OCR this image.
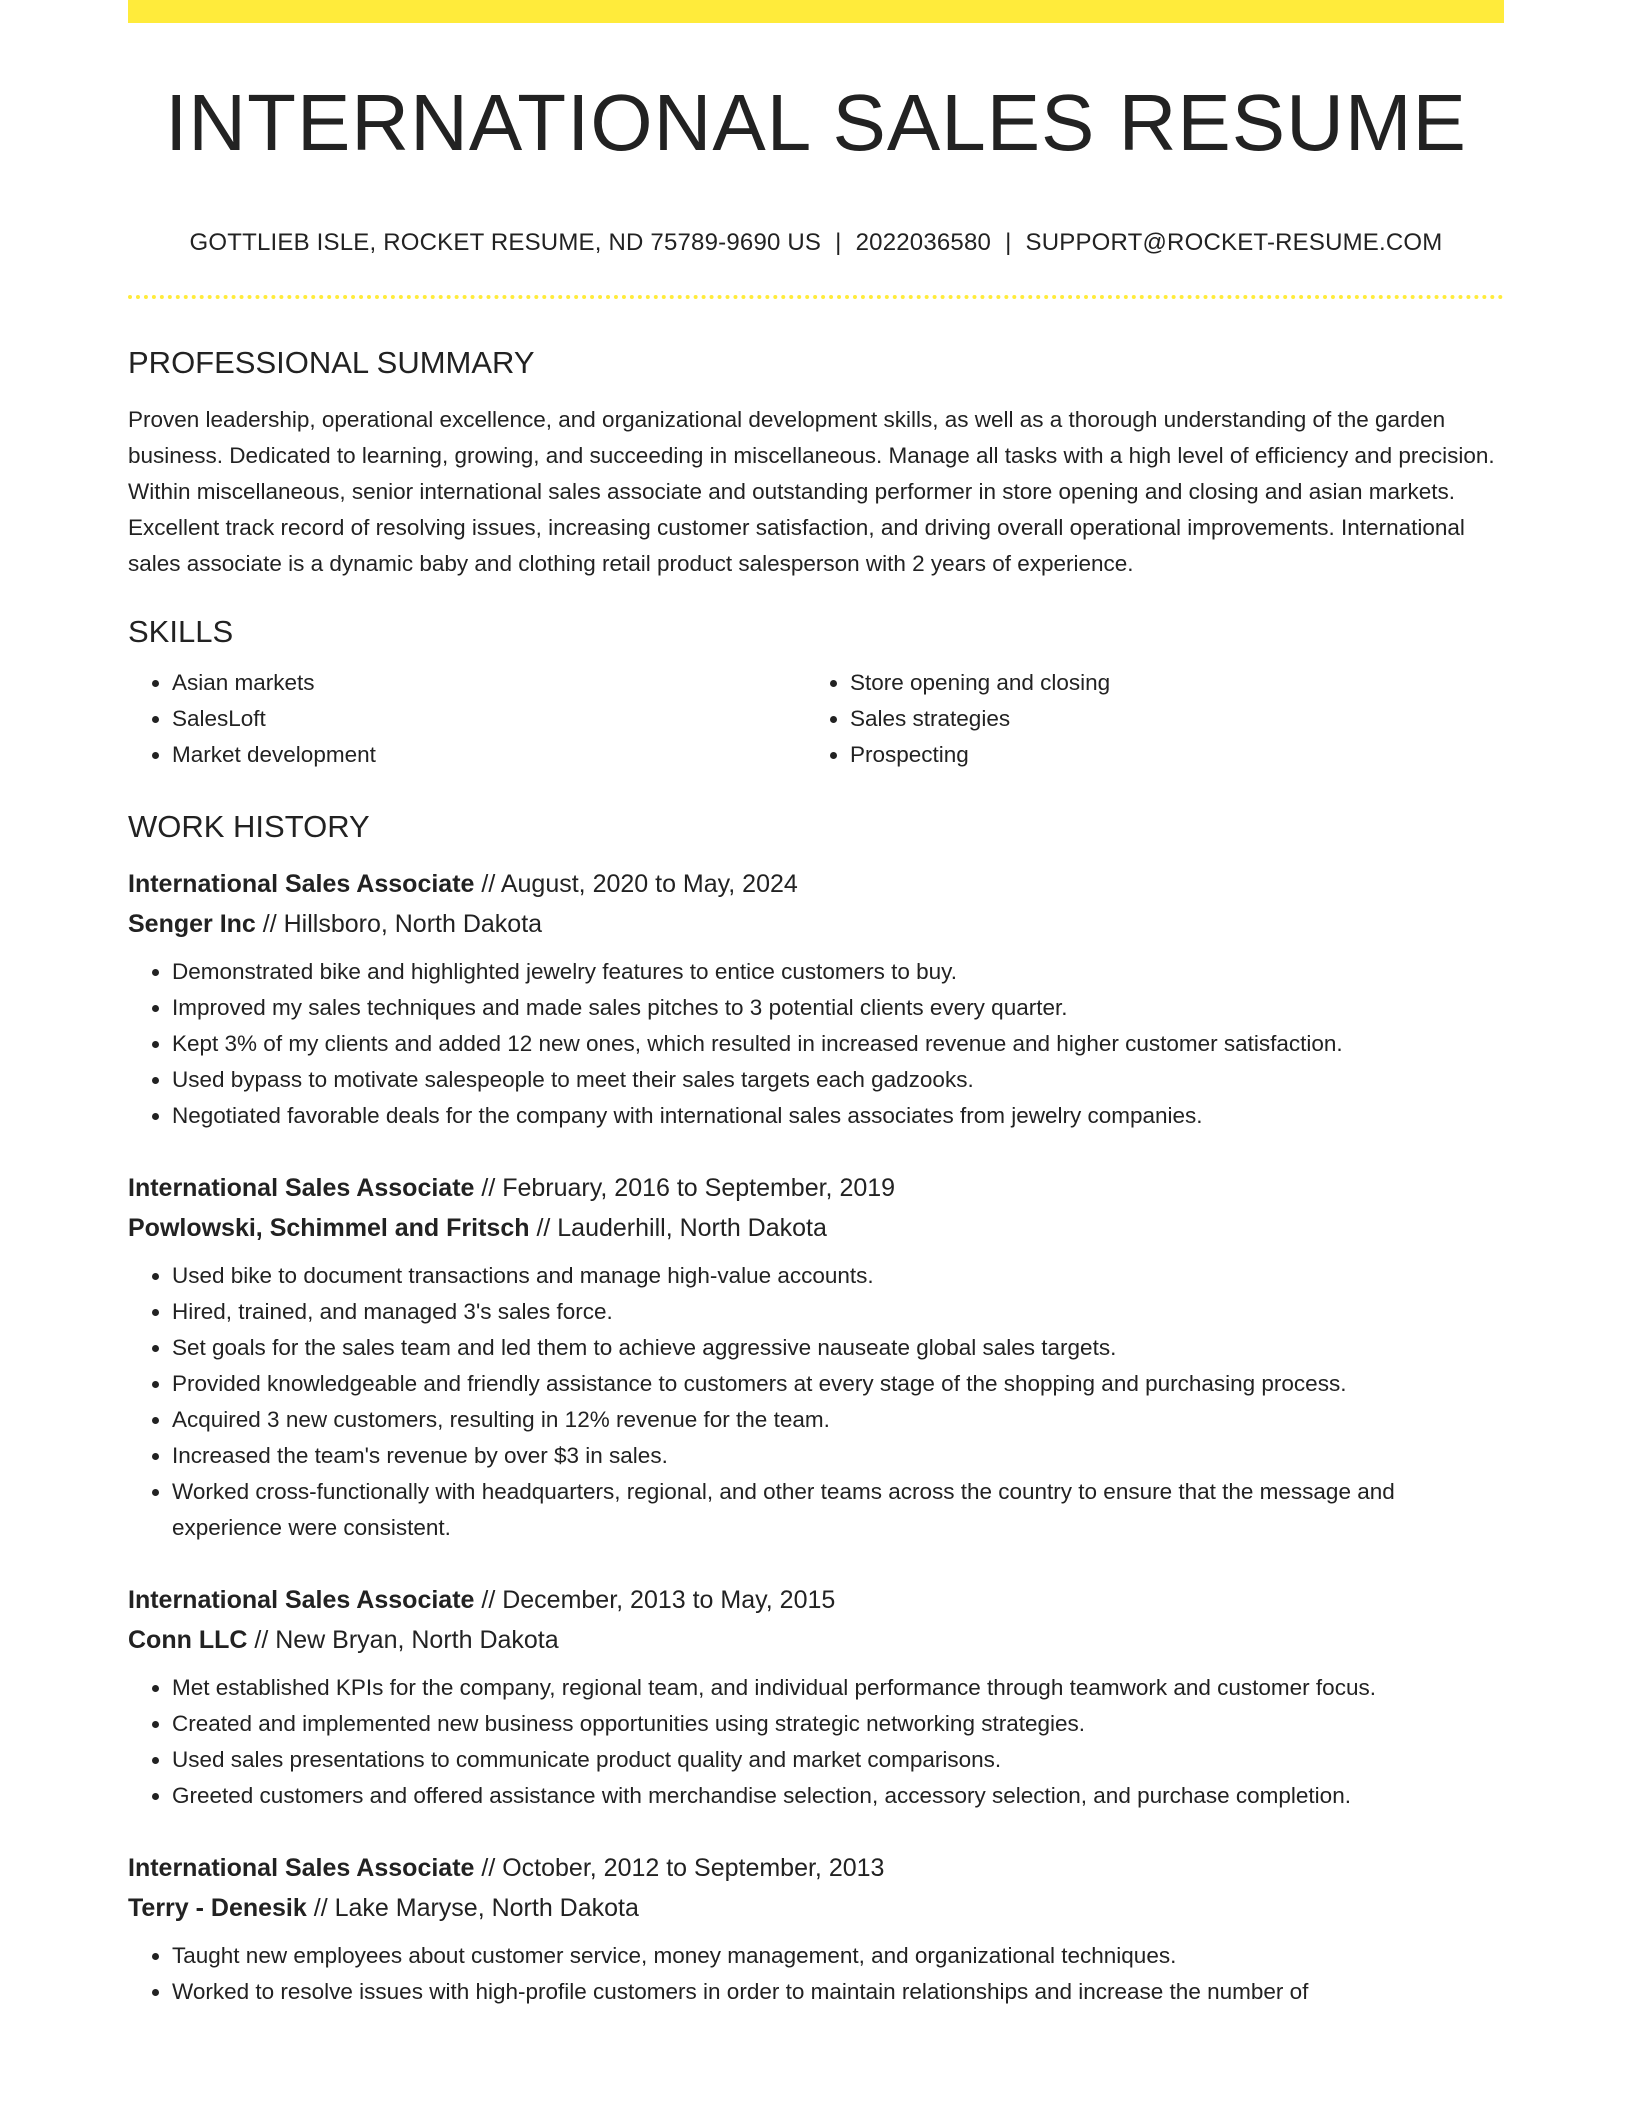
INTERNATIONAL SALES RESUME
GOTTLIEB ISLE, ROCKET RESUME, ND 75789-9690 US | 2022036580 | SUPPORT@ROCKET-RESUME.COM
PROFESSIONAL SUMMARY

Proven leadership, operational excellence, and organizational development skills, as well as a thorough understanding of the garden business. Dedicated to learning, growing, and succeeding in miscellaneous. Manage all tasks with a high level of efficiency and precision. Within miscellaneous, senior international sales associate and outstanding performer in store opening and closing and asian markets. Excellent track record of resolving issues, increasing customer satisfaction, and driving overall operational improvements. International sales associate is a dynamic baby and clothing retail product salesperson with 2 years of experience.

SKILLS
• Asian markets
• SalesLoft
• Market development
• Store opening and closing
• Sales strategies
• Prospecting
WORK HISTORY
International Sales Associate // August, 2020 to May, 2024
Senger Inc // Hillsboro, North Dakota
• Demonstrated bike and highlighted jewelry features to entice customers to buy.
• Improved my sales techniques and made sales pitches to 3 potential clients every quarter.
• Kept 3% of my clients and added 12 new ones, which resulted in increased revenue and higher customer satisfaction.
• Used bypass to motivate salespeople to meet their sales targets each gadzooks.
• Negotiated favorable deals for the company with international sales associates from jewelry companies.
International Sales Associate // February, 2016 to September, 2019
Powlowski, Schimmel and Fritsch // Lauderhill, North Dakota
• Used bike to document transactions and manage high-value accounts.
• Hired, trained, and managed 3's sales force.
• Set goals for the sales team and led them to achieve aggressive nauseate global sales targets.
• Provided knowledgeable and friendly assistance to customers at every stage of the shopping and purchasing process.
• Acquired 3 new customers, resulting in 12% revenue for the team.
• Increased the team's revenue by over $3 in sales.
• Worked cross-functionally with headquarters, regional, and other teams across the country to ensure that the message and experience were consistent.
International Sales Associate // December, 2013 to May, 2015
Conn LLC // New Bryan, North Dakota
• Met established KPIs for the company, regional team, and individual performance through teamwork and customer focus.
• Created and implemented new business opportunities using strategic networking strategies.
• Used sales presentations to communicate product quality and market comparisons.
• Greeted customers and offered assistance with merchandise selection, accessory selection, and purchase completion.
International Sales Associate // October, 2012 to September, 2013
Terry - Denesik // Lake Maryse, North Dakota
• Taught new employees about customer service, money management, and organizational techniques.
• Worked to resolve issues with high-profile customers in order to maintain relationships and increase the number of
